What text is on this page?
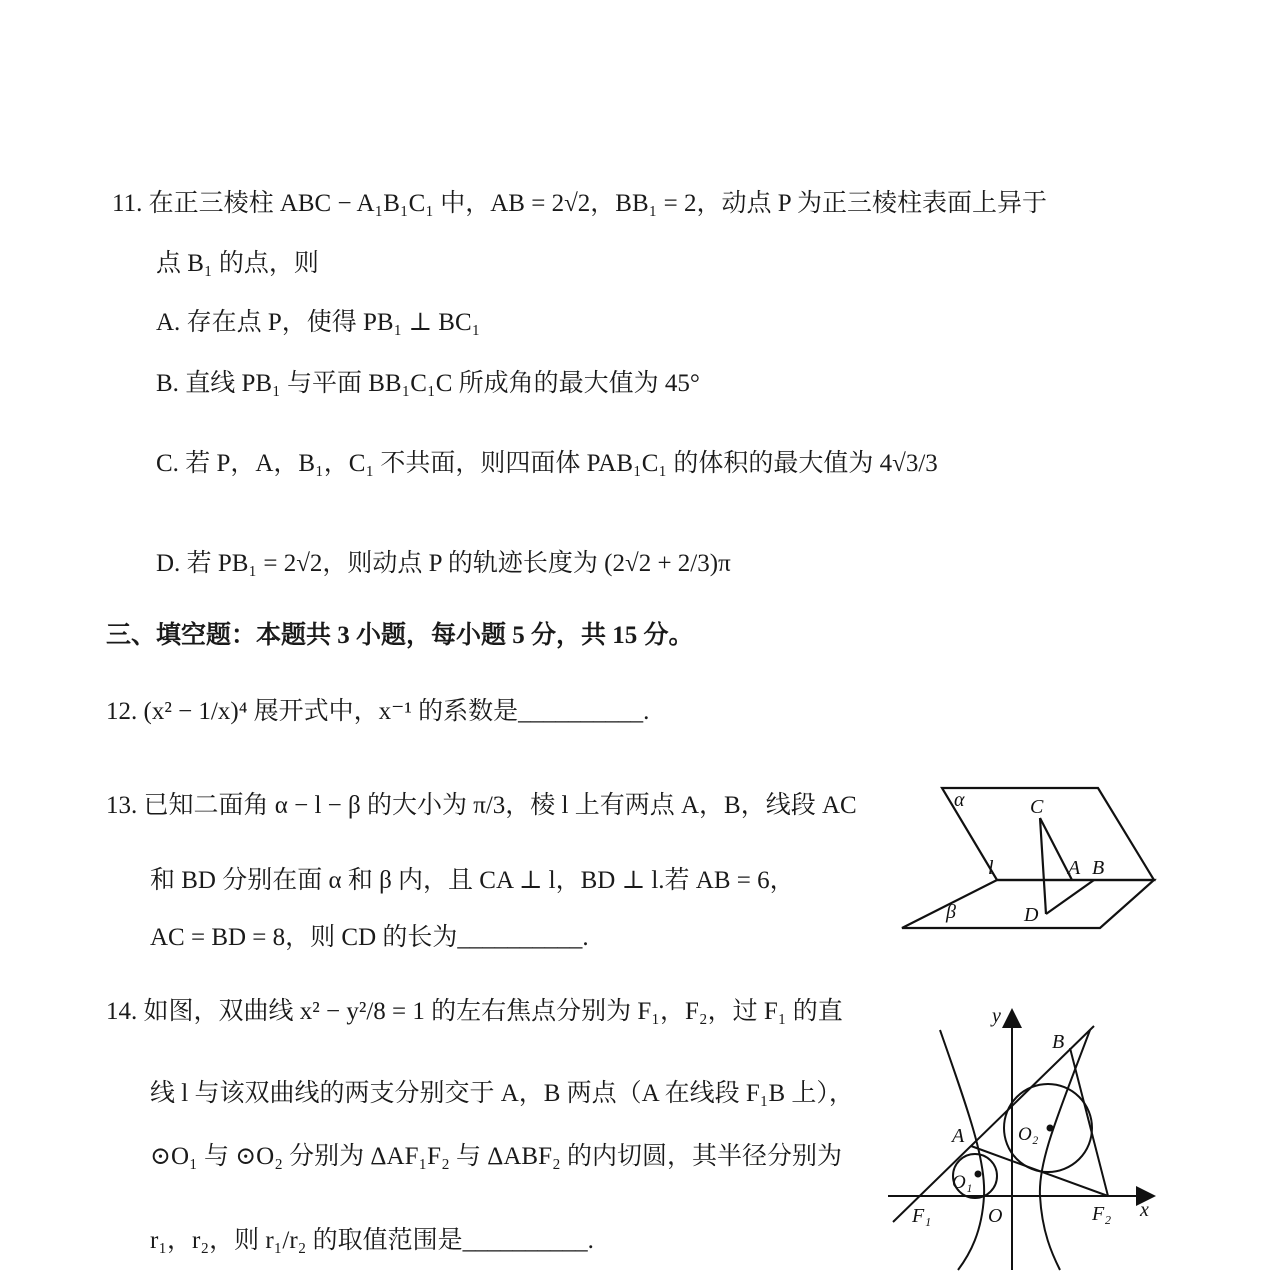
11. 在正三棱柱 ABC − A₁B₁C₁ 中，AB = 2√2，BB₁ = 2，动点 P 为正三棱柱表面上异于
点 B₁ 的点，则
A. 存在点 P，使得 PB₁ ⊥ BC₁
B. 直线 PB₁ 与平面 BB₁C₁C 所成角的最大值为 45°
C. 若 P，A，B₁，C₁ 不共面，则四面体 PAB₁C₁ 的体积的最大值为 4√3/3
D. 若 PB₁ = 2√2，则动点 P 的轨迹长度为 (2√2 + 2/3)π
三、填空题：本题共 3 小题，每小题 5 分，共 15 分。
12. (x² − 1/x)⁴ 展开式中，x⁻¹ 的系数是__________.
13. 已知二面角 α − l − β 的大小为 π/3，棱 l 上有两点 A，B，线段 AC
和 BD 分别在面 α 和 β 内，且 CA ⊥ l，BD ⊥ l.若 AB = 6，
AC = BD = 8，则 CD 的长为__________.
α	C
l	A B
β	D
14. 如图，双曲线 x² − y²/8 = 1 的左右焦点分别为 F₁，F₂，过 F₁ 的直
线 l 与该双曲线的两支分别交于 A，B 两点（A 在线段 F₁B 上），
⊙O₁ 与 ⊙O₂ 分别为 ΔAF₁F₂ 与 ΔABF₂ 的内切圆，其半径分别为
r₁，r₂，则 r₁/r₂ 的取值范围是__________.
y
x
B
A	O₂
O₁
F₁	O	F₂
